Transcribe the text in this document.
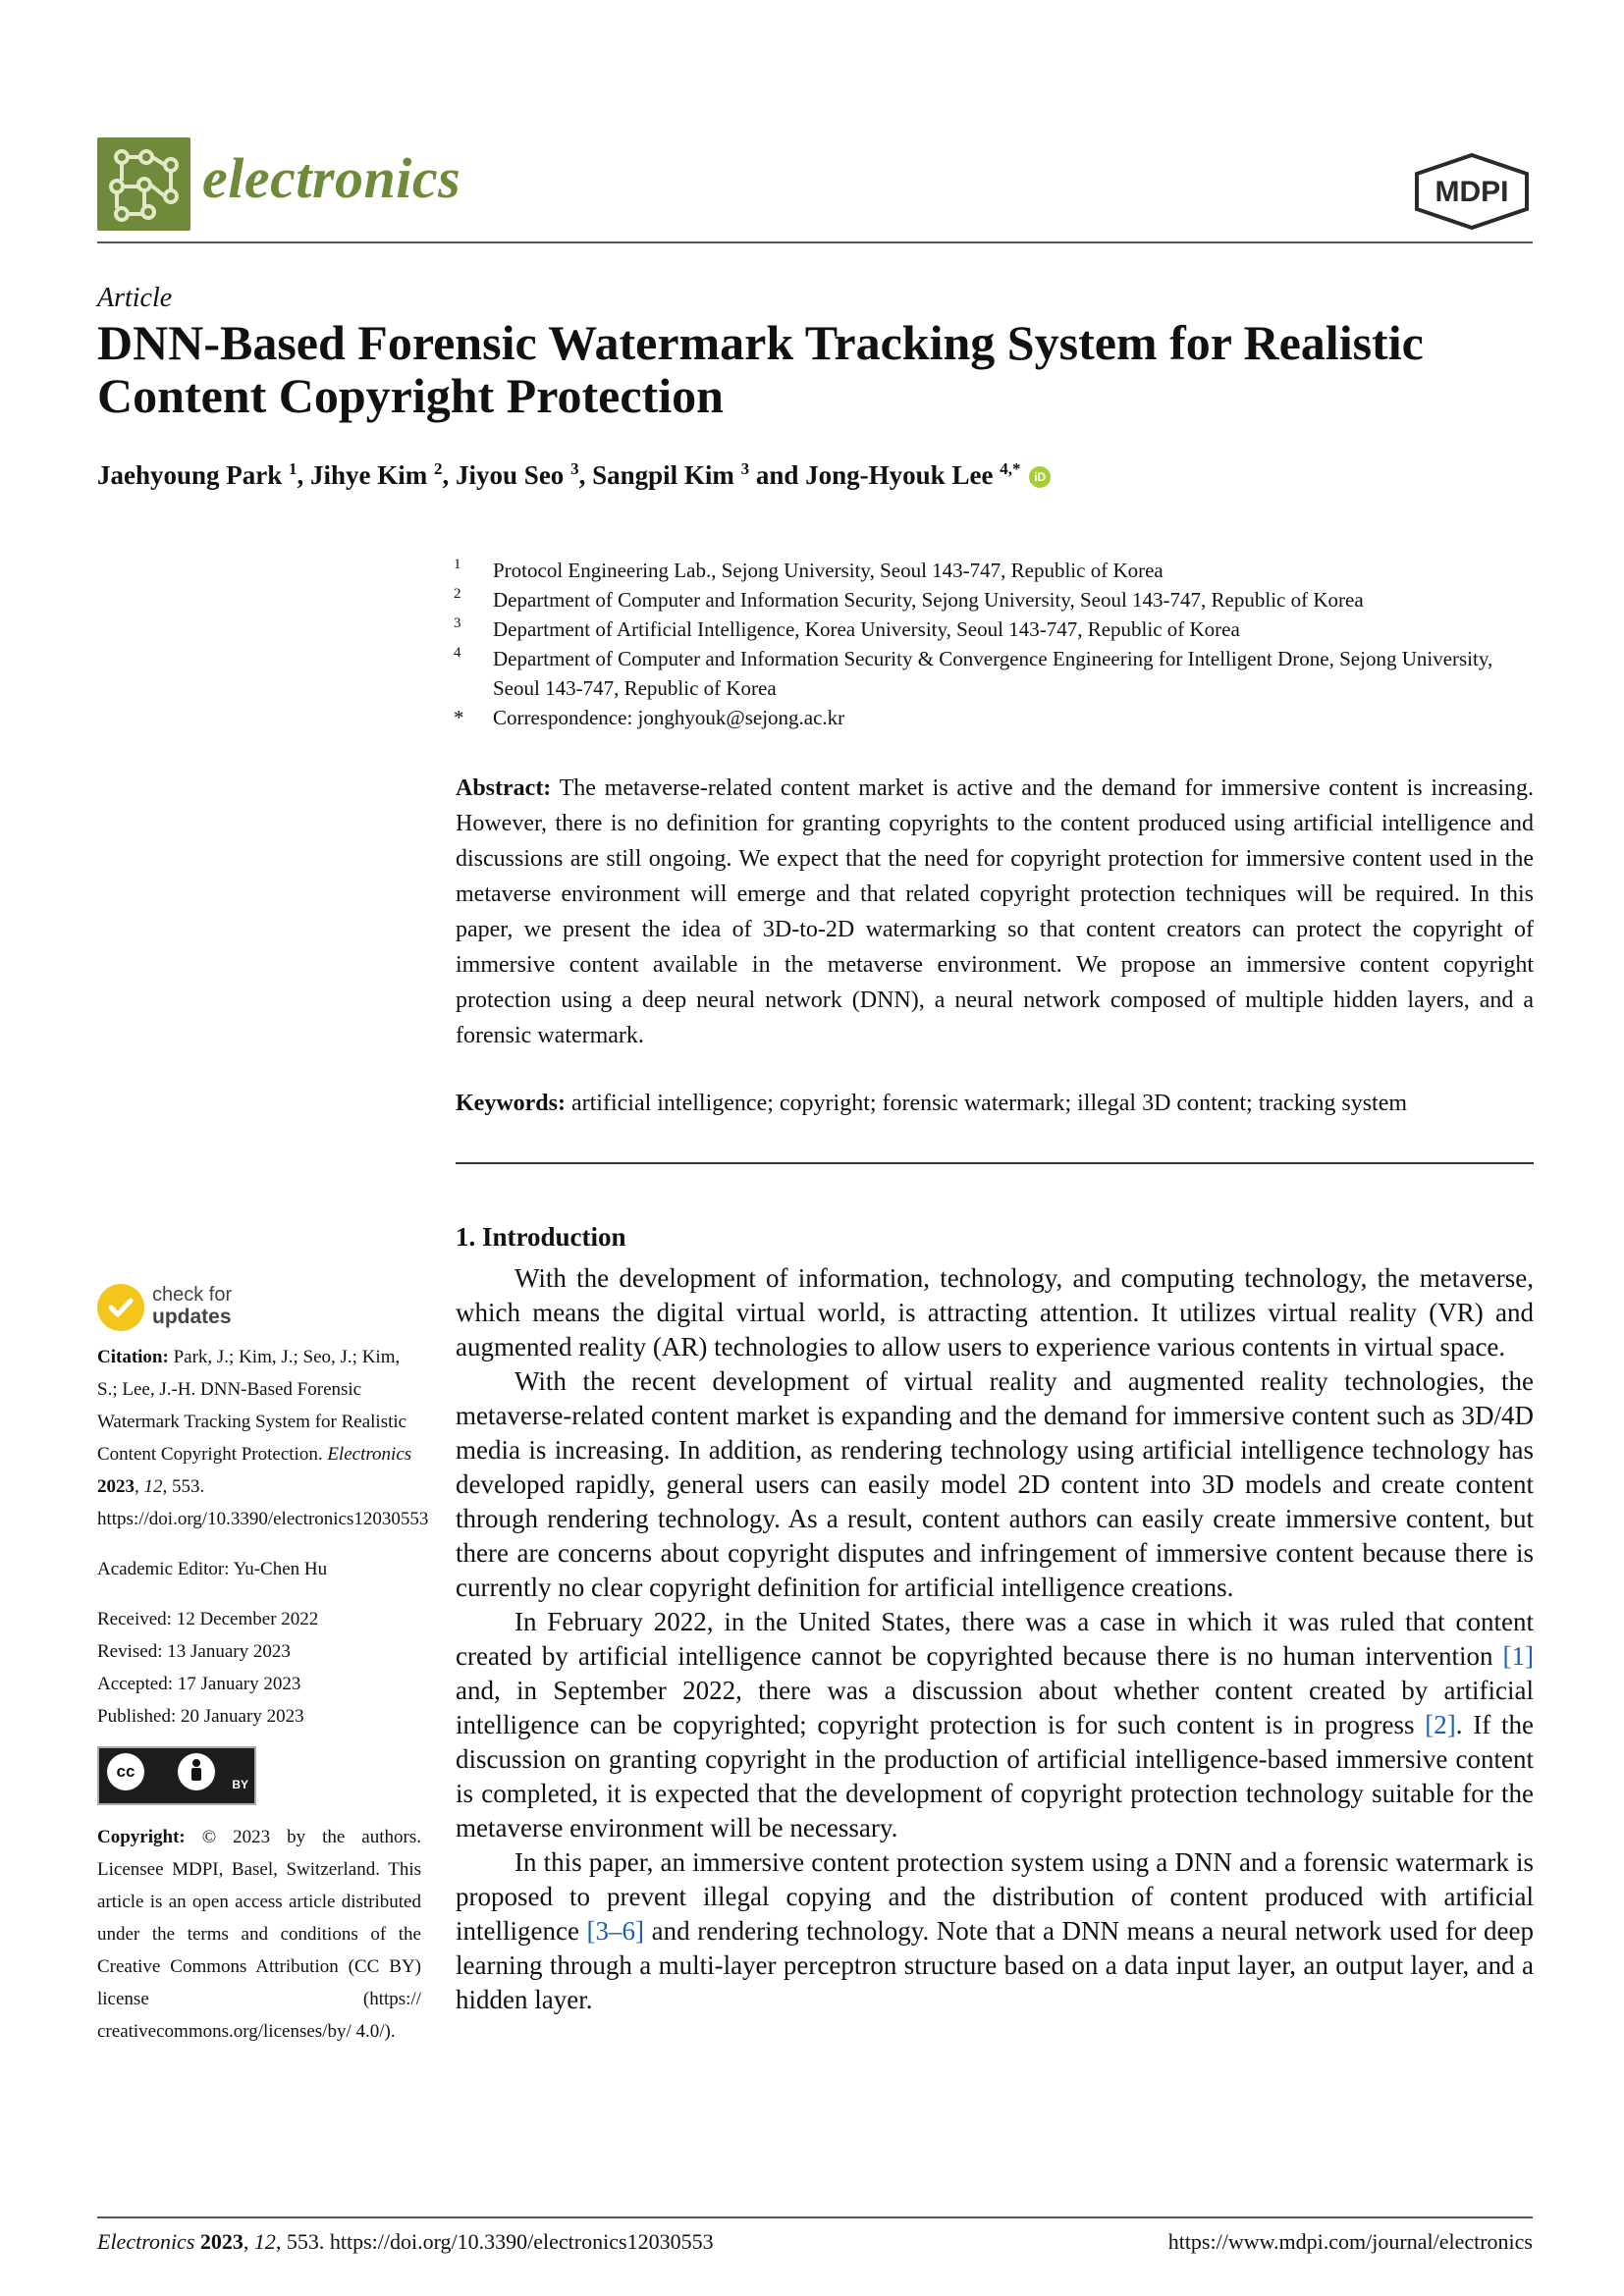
electronics	MDPI
Article
DNN-Based Forensic Watermark Tracking System for Realistic
Content Copyright Protection
Jaehyoung Park $^1$, Jihye Kim $^2$, Jiyou Seo $^3$, Sangpil Kim $^3$ and Jong-Hyouk Lee $^{4,*}$ iD
1 Protocol Engineering Lab., Sejong University, Seoul 143-747, Republic of Korea
2 Department of Computer and Information Security, Sejong University, Seoul 143-747, Republic of Korea
3 Department of Artificial Intelligence, Korea University, Seoul 143-747, Republic of Korea
4 Department of Computer and Information Security & Convergence Engineering for Intelligent Drone, Sejong University, Seoul 143-747, Republic of Korea
* Correspondence: jonghyouk@sejong.ac.kr
Abstract: The metaverse-related content market is active and the demand for immersive content is increasing. However, there is no definition for granting copyrights to the content produced using artificial intelligence and discussions are still ongoing. We expect that the need for copyright protection for immersive content used in the metaverse environment will emerge and that related copyright protection techniques will be required. In this paper, we present the idea of 3D-to-2D watermarking so that content creators can protect the copyright of immersive content available in the metaverse environment. We propose an immersive content copyright protection using a deep neural network (DNN), a neural network composed of multiple hidden layers, and a forensic watermark.
Keywords: artificial intelligence; copyright; forensic watermark; illegal 3D content; tracking system
1. Introduction

With the development of information, technology, and computing technology, the metaverse, which means the digital virtual world, is attracting attention. It utilizes virtual reality (VR) and augmented reality (AR) technologies to allow users to experience various contents in virtual space.

With the recent development of virtual reality and augmented reality technologies, the metaverse-related content market is expanding and the demand for immersive content such as 3D/4D media is increasing. In addition, as rendering technology using artificial intelligence technology has developed rapidly, general users can easily model 2D content into 3D models and create content through rendering technology. As a result, content authors can easily create immersive content, but there are concerns about copyright disputes and infringement of immersive content because there is currently no clear copyright definition for artificial intelligence creations.

In February 2022, in the United States, there was a case in which it was ruled that content created by artificial intelligence cannot be copyrighted because there is no human intervention [1] and, in September 2022, there was a discussion about whether content created by artificial intelligence can be copyrighted; copyright protection is for such content is in progress [2]. If the discussion on granting copyright in the production of artificial intelligence-based immersive content is completed, it is expected that the development of copyright protection technology suitable for the metaverse environment will be necessary.

In this paper, an immersive content protection system using a DNN and a forensic watermark is proposed to prevent illegal copying and the distribution of content produced with artificial intelligence [3–6] and rendering technology. Note that a DNN means a neural network used for deep learning through a multi-layer perceptron structure based on a data input layer, an output layer, and a hidden layer.

check for
updates
Citation: Park, J.; Kim, J.; Seo, J.; Kim, S.; Lee, J.-H. DNN-Based Forensic Watermark Tracking System for Realistic Content Copyright Protection. Electronics 2023, 12, 553. https://doi.org/10.3390/electronics12030553
Academic Editor: Yu-Chen Hu
Received: 12 December 2022
Revised: 13 January 2023
Accepted: 17 January 2023
Published: 20 January 2023
cc
BY
Copyright: © 2023 by the authors. Licensee MDPI, Basel, Switzerland. This article is an open access article distributed under the terms and conditions of the Creative Commons Attribution (CC BY) license (https:// creativecommons.org/licenses/by/ 4.0/).
Electronics 2023, 12, 553. https://doi.org/10.3390/electronics12030553	https://www.mdpi.com/journal/electronics
